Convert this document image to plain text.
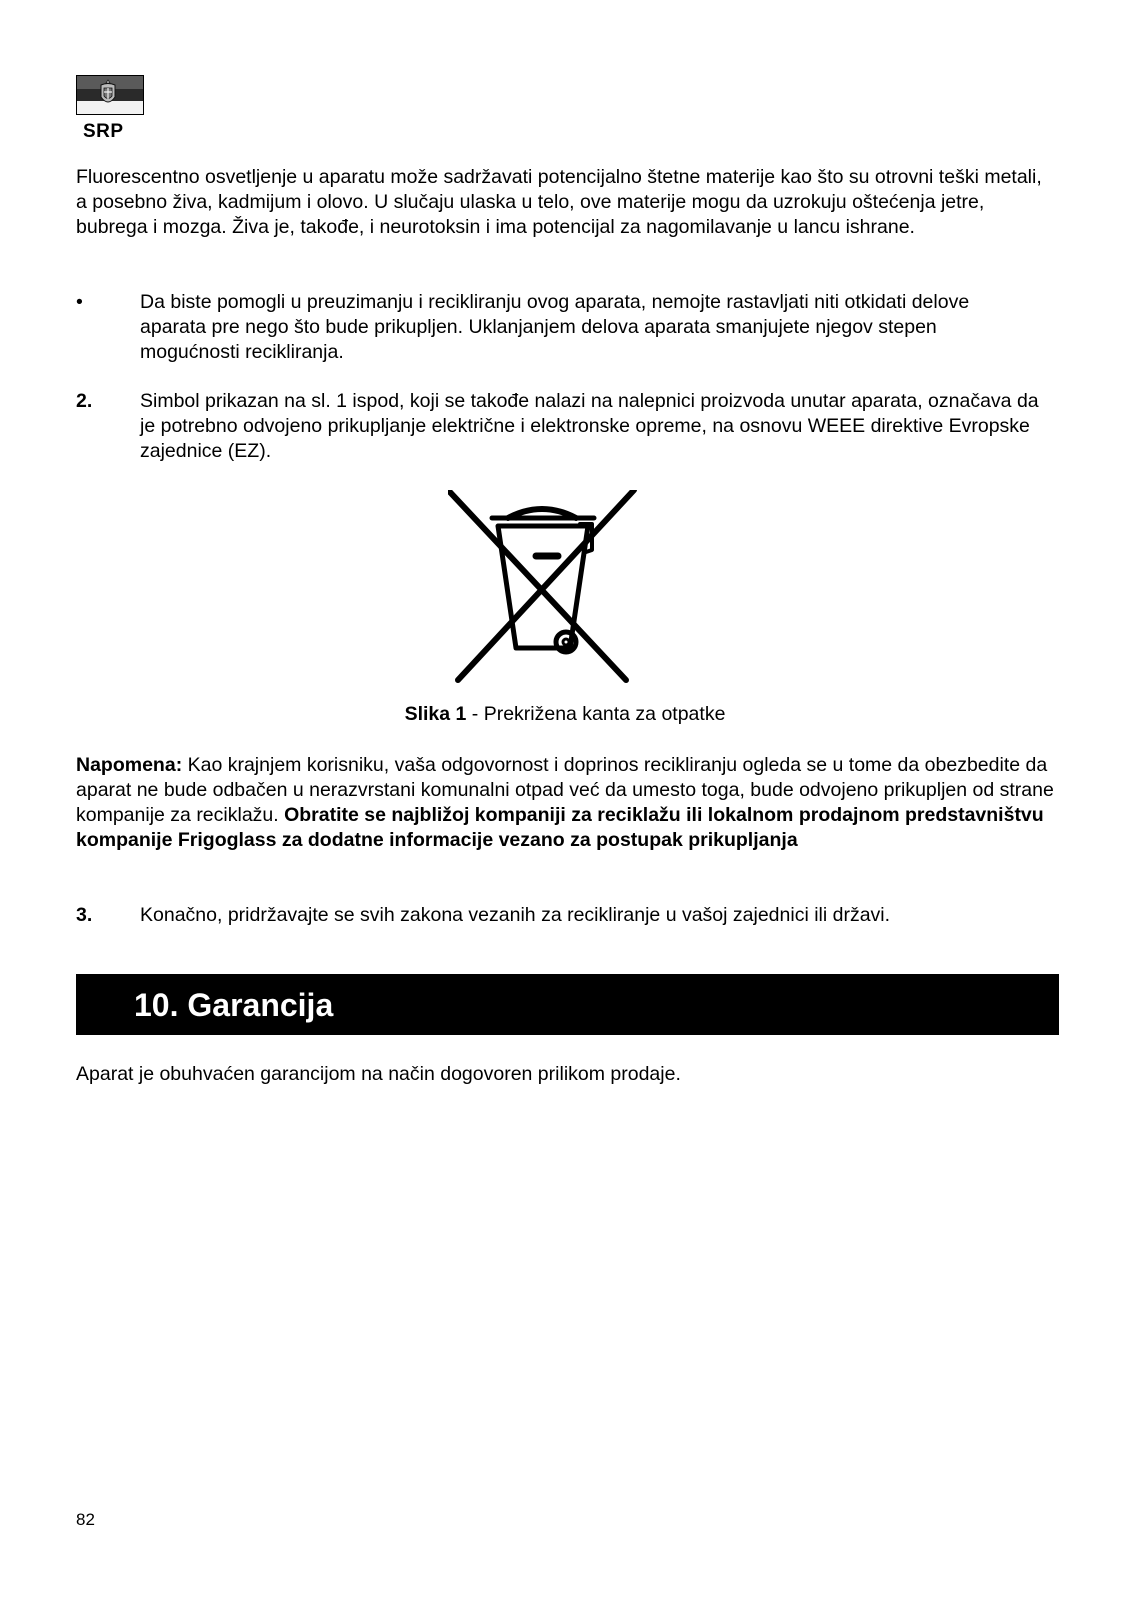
SRP
Fluorescentno osvetljenje u aparatu može sadržavati potencijalno štetne materije kao što su otrovni teški metali, a posebno živa, kadmijum i olovo. U slučaju ulaska u telo, ove materije mogu da uzrokuju oštećenja jetre, bubrega i mozga. Živa je, takođe, i neurotoksin i ima potencijal za nagomilavanje u lancu ishrane.
•	Da biste pomogli u preuzimanju i recikliranju ovog aparata, nemojte rastavljati niti otkidati delove aparata pre nego što bude prikupljen. Uklanjanjem delova aparata smanjujete njegov stepen mogućnosti recikliranja.
2.	Simbol prikazan na sl. 1 ispod, koji se takođe nalazi na nalepnici proizvoda unutar aparata, označava da je potrebno odvojeno prikupljanje električne i elektronske opreme, na osnovu WEEE direktive Evropske zajednice (EZ).
Slika 1 - Prekrižena kanta za otpatke
Napomena: Kao krajnjem korisniku, vaša odgovornost i doprinos recikliranju ogleda se u tome da obezbedite da aparat ne bude odbačen u nerazvrstani komunalni otpad već da umesto toga, bude odvojeno prikupljen od strane kompanije za reciklažu. Obratite se najbližoj kompaniji za reciklažu ili lokalnom prodajnom predstavništvu kompanije Frigoglass za dodatne informacije vezano za postupak prikupljanja
3.	Konačno, pridržavajte se svih zakona vezanih za recikliranje u vašoj zajednici ili državi.
10. Garancija
Aparat je obuhvaćen garancijom na način dogovoren prilikom prodaje.
82
